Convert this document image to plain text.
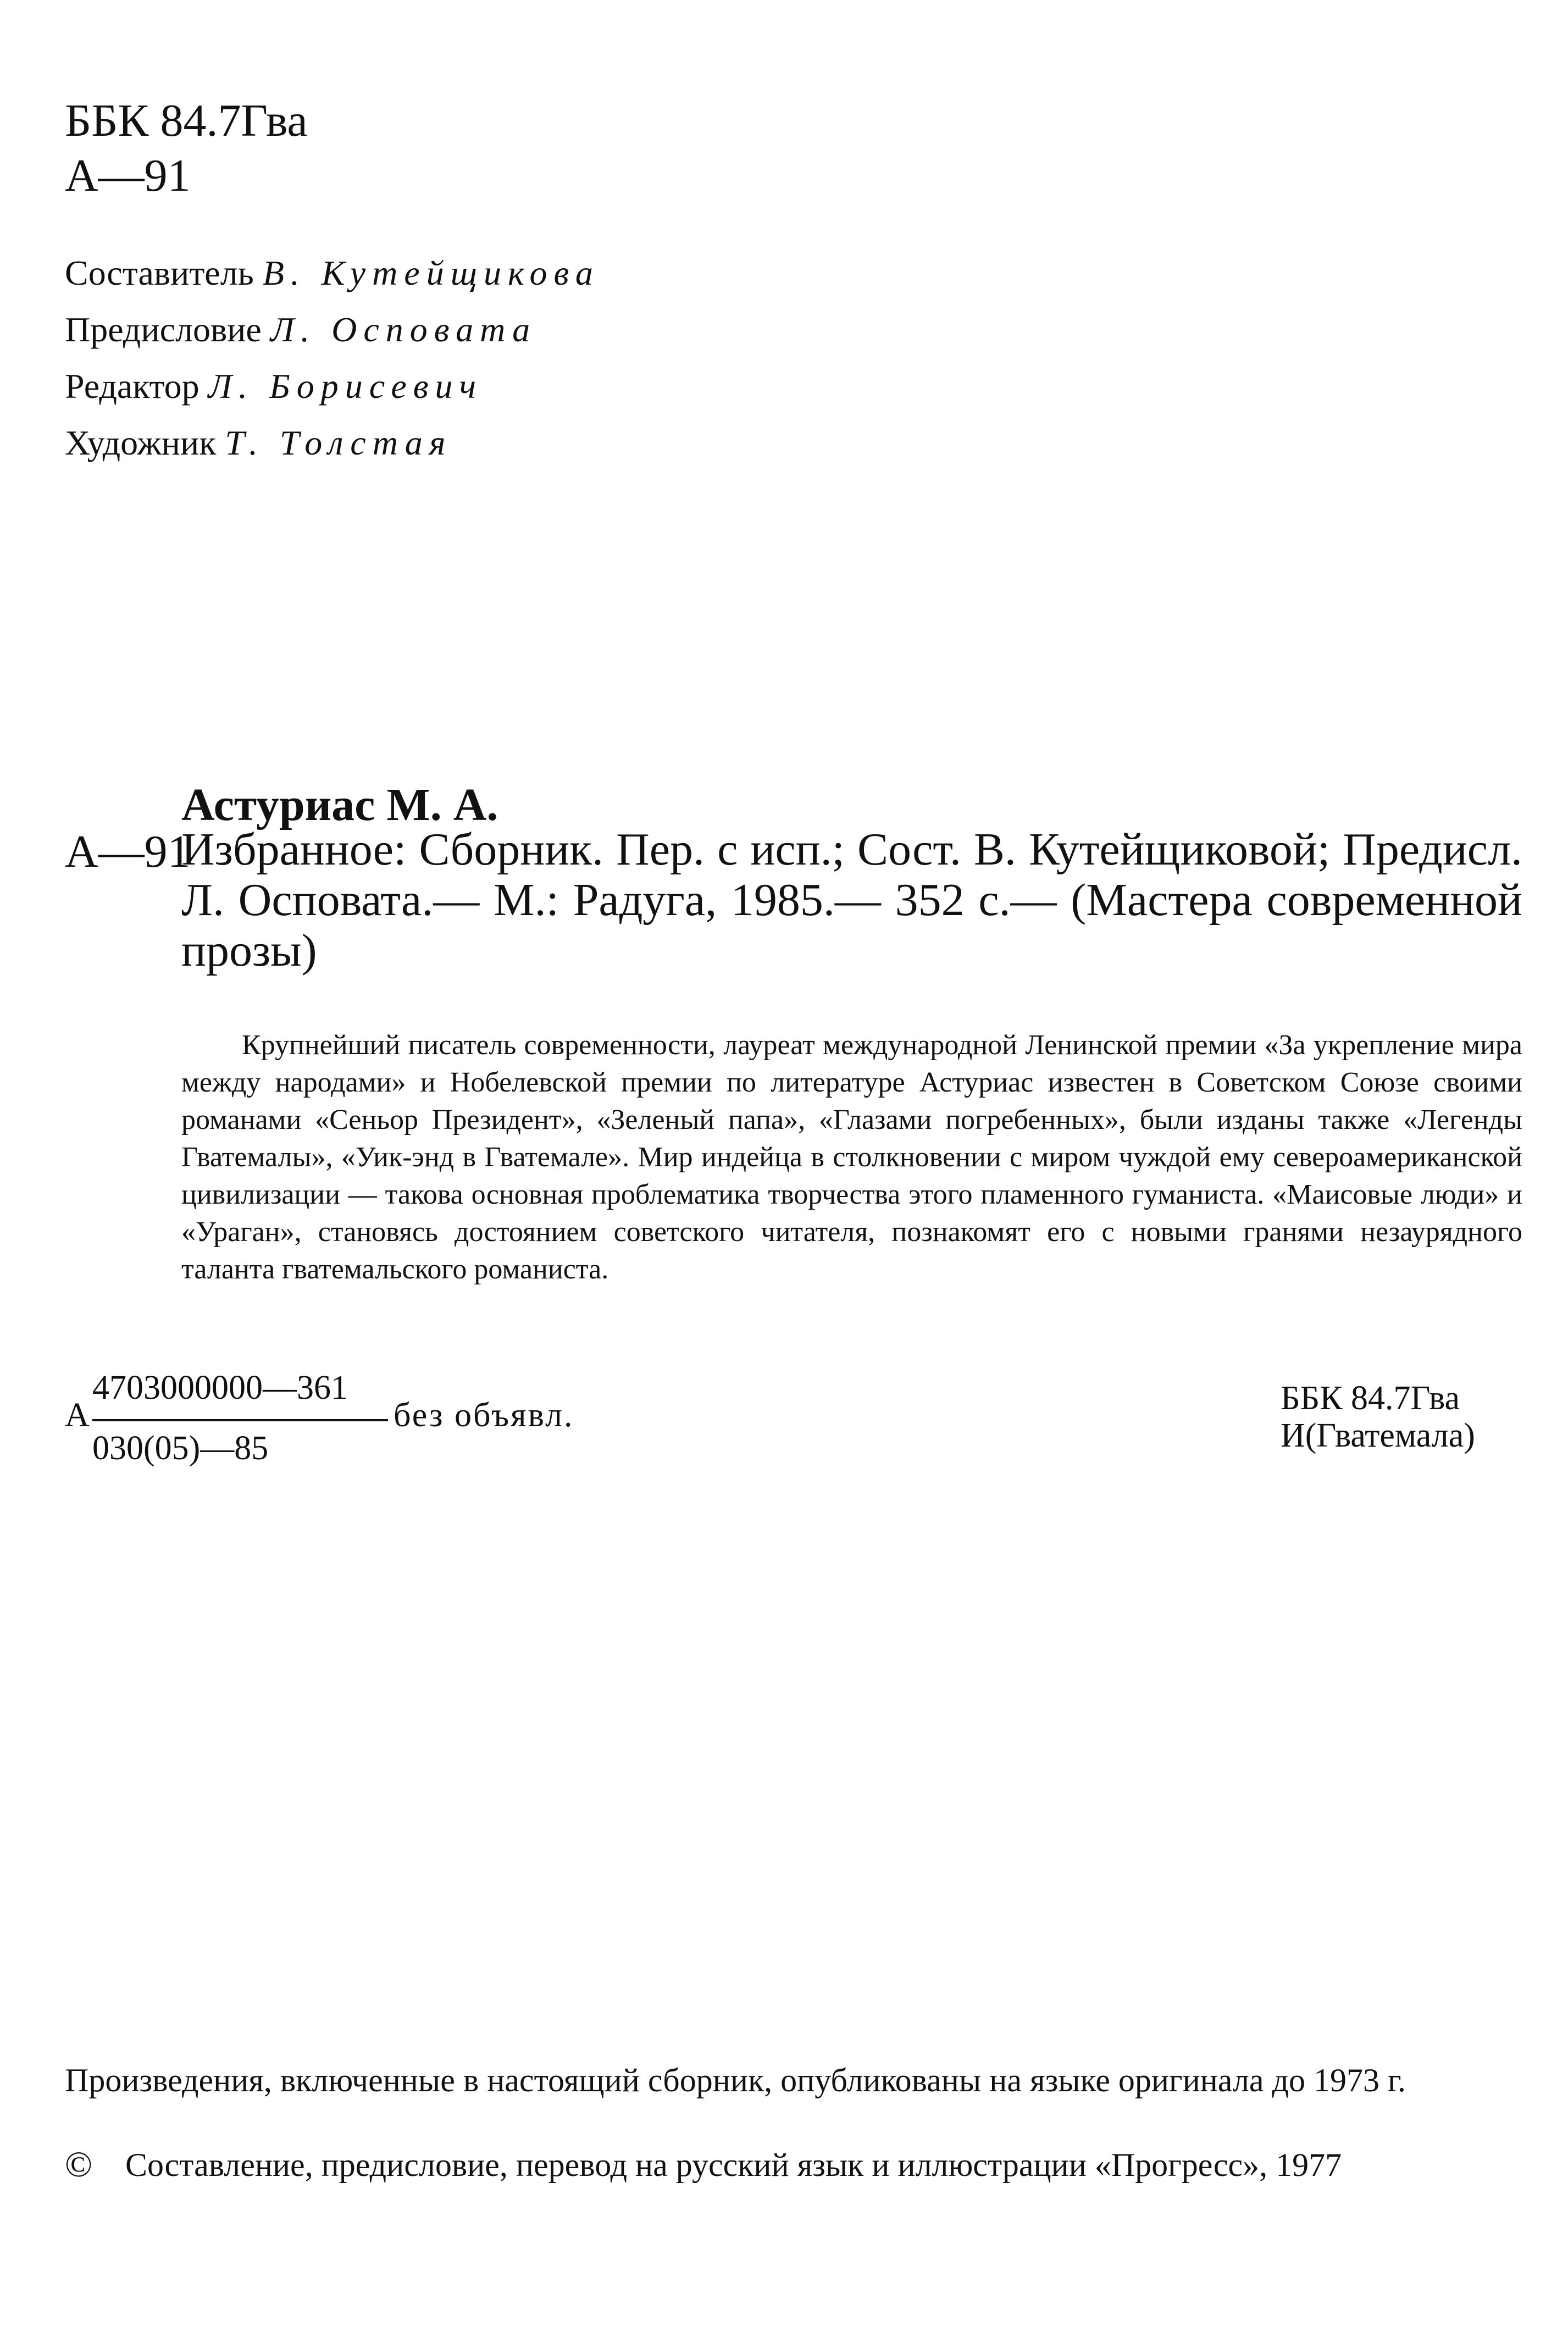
ББК 84.7Гва
А—91
Составитель В. Кутейщикова
Предисловие Л. Осповата
Редактор Л. Борисевич
Художник Т. Толстая
Астуриас М. А.
А—91
Избранное: Сборник. Пер. с исп.; Сост. В. Кутейщиковой; Предисл. Л. Осповата.— М.: Радуга, 1985.— 352 с.— (Мастера современной прозы)
Крупнейший писатель современности, лауреат международной Ленинской премии «За укрепление мира между народами» и Нобелевской премии по литературе Астуриас известен в Советском Союзе своими романами «Сеньор Президент», «Зеленый папа», «Глазами погребенных», были изданы также «Легенды Гватемалы», «Уик-энд в Гватемале». Мир индейца в столкновении с миром чуждой ему североамериканской цивилизации — такова основная проблематика творчества этого пламенного гуманиста. «Маисовые люди» и «Ураган», становясь достоянием советского читателя, познакомят его с новыми гранями незаурядного таланта гватемальского романиста.
А
4703000000—361
030(05)—85
без объявл.	ББК 84.7Гва
И(Гватемала)
Произведения, включенные в настоящий сборник, опубликованы на языке оригинала до 1973 г.
© Составление, предисловие, перевод на русский язык и иллюстрации «Прогресс», 1977
